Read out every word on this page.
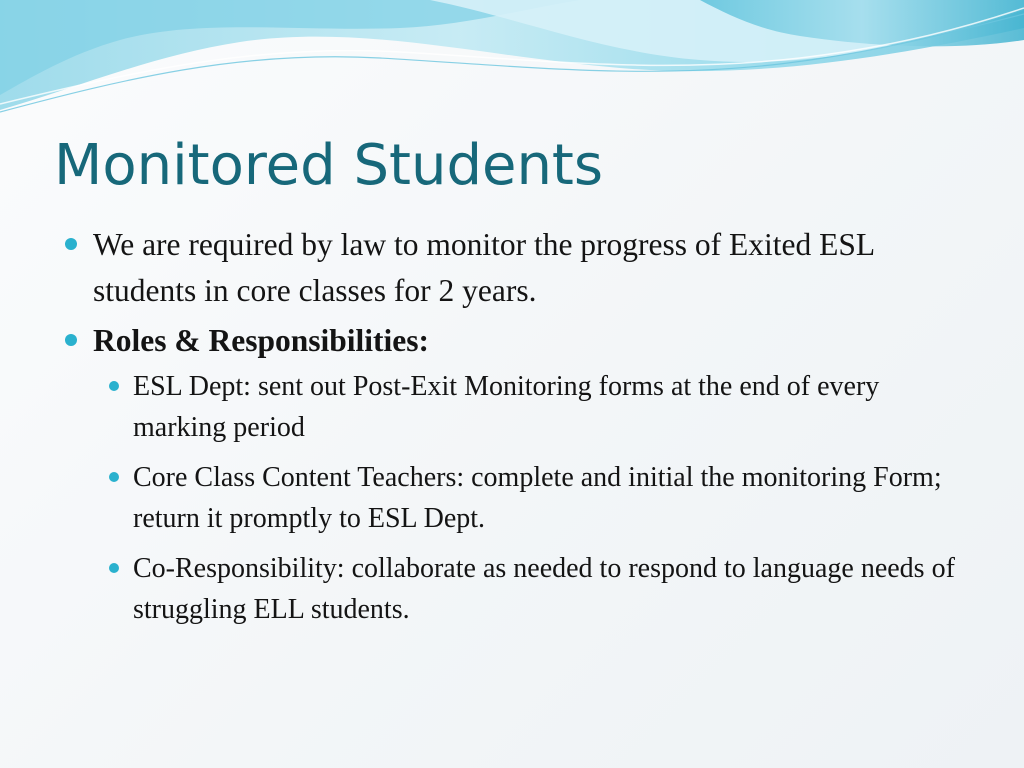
Monitored Students
We are required by law to monitor the progress of Exited ESL students in core classes for 2 years.
Roles & Responsibilities:
ESL Dept: sent out Post-Exit Monitoring forms at the end of every marking period
Core Class Content Teachers: complete and initial the monitoring Form; return it promptly to ESL Dept.
Co-Responsibility: collaborate as needed to respond to language needs of struggling ELL students.
